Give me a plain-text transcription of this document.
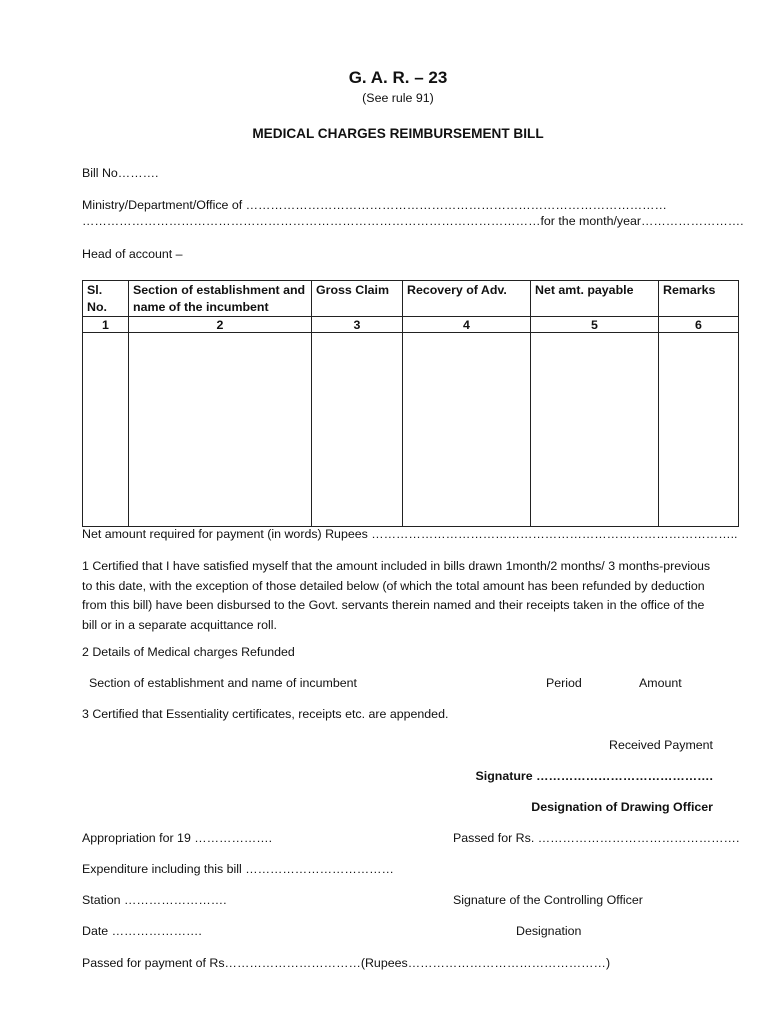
G. A. R. – 23
(See rule 91)
MEDICAL CHARGES REIMBURSEMENT BILL
Bill No……….
Ministry/Department/Office of …………………………………………………………………………………………
…………………………………………………………………………………………………for the month/year…………………….
Head of account –
Sl. No.	Section of establishment and name of the incumbent	Gross Claim	Recovery of Adv.	Net amt. payable	Remarks
1	2	3	4	5	6

Net amount required for payment (in words) Rupees ……………………………………………………………………………..
1 Certified that I have satisfied myself that the amount included in bills drawn 1month/2 months/ 3 months-previous to this date, with the exception of those detailed below (of which the total amount has been refunded by deduction from this bill) have been disbursed to the Govt. servants therein named and their receipts taken in the office of the bill or in a separate acquittance roll.
2 Details of Medical charges Refunded
Section of establishment and name of incumbent	Period	Amount
3 Certified that Essentiality certificates, receipts etc. are appended.
Received Payment
Signature …………………………………….
Designation of Drawing Officer
Appropriation for 19 ……………….	Passed for Rs. ………………………………………….
Expenditure including this bill ………………………………
Station …………………….	Signature of the Controlling Officer
Date ………………….	Designation
Passed for payment of Rs……………………………(Rupees…………………………………………)
